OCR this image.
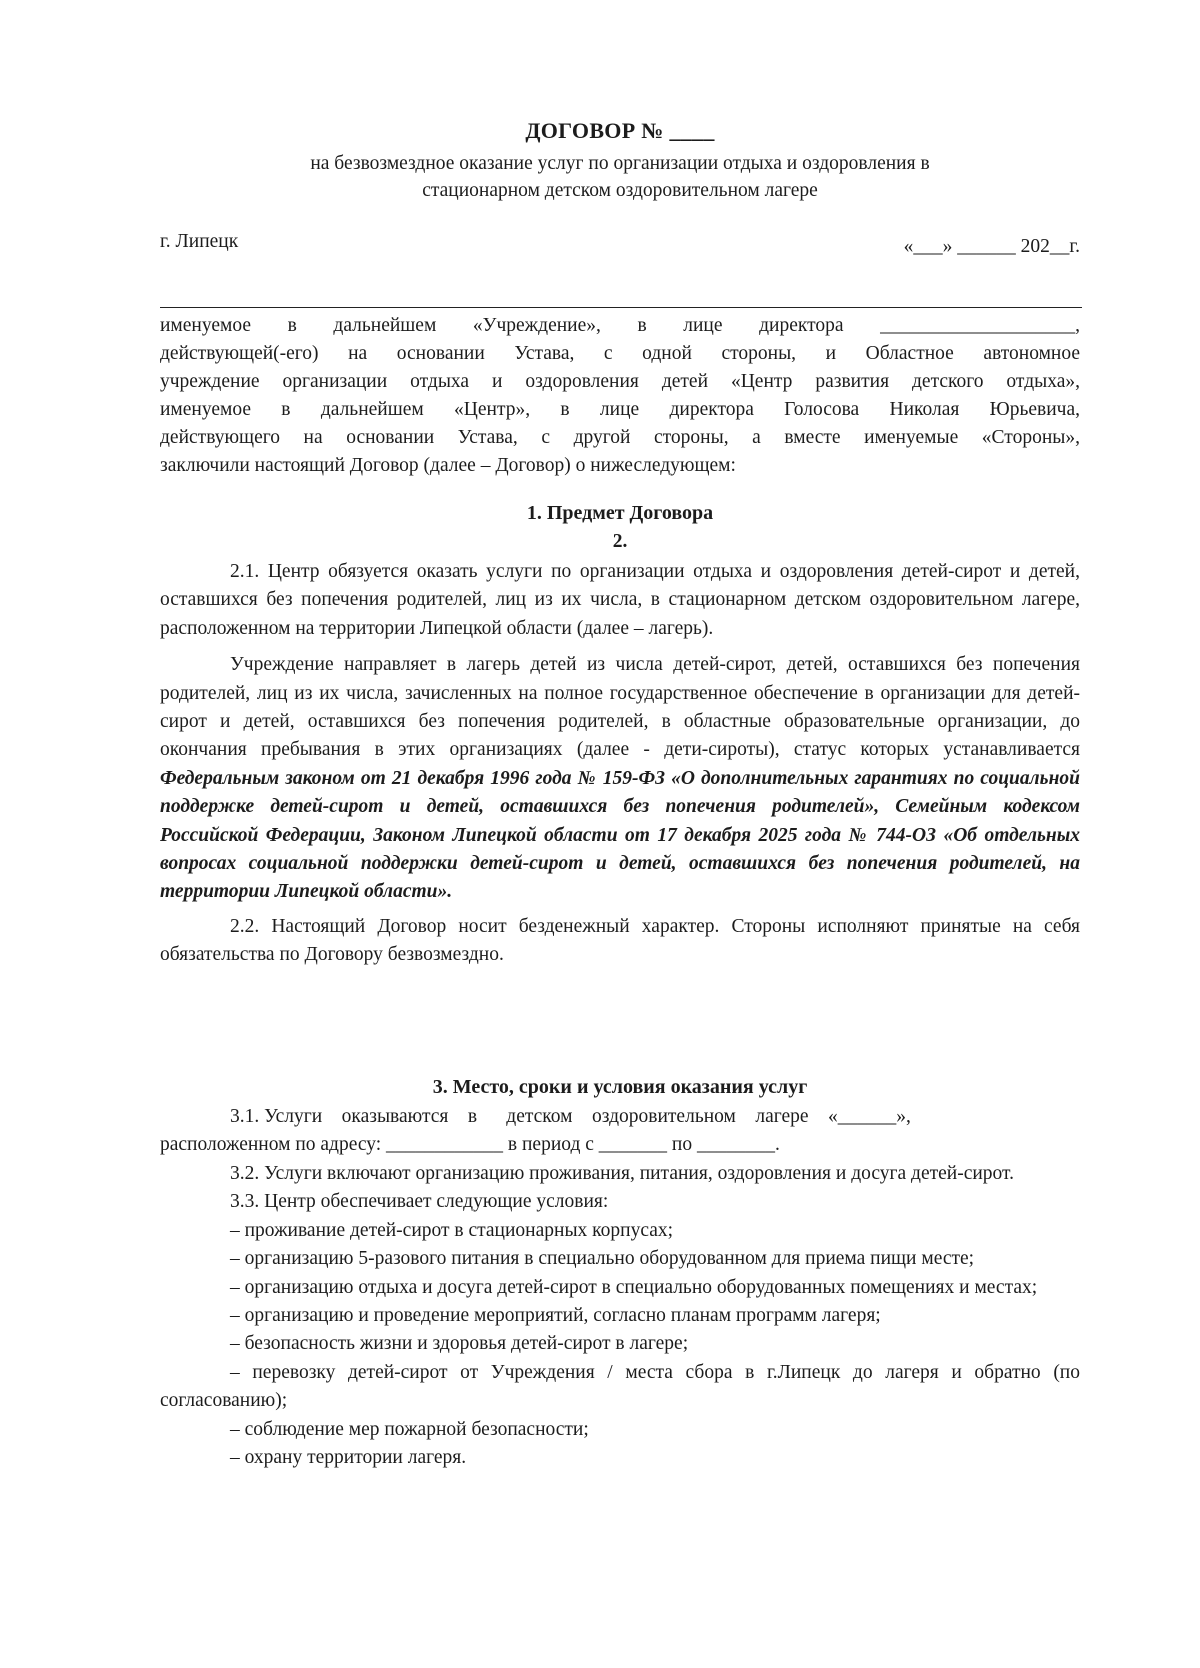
ДОГОВОР № ____
на безвозмездное оказание услуг по организации отдыха и оздоровления в
стационарном детском оздоровительном лагере
г. Липецк	«___» ______ 202__г.
именуемое в дальнейшем «Учреждение», в лице директора ____________________,
действующей(-его) на основании Устава, с одной стороны, и Областное автономное
учреждение организации отдыха и оздоровления детей «Центр развития детского отдыха»,
именуемое в дальнейшем «Центр», в лице директора Голосова Николая Юрьевича,
действующего на основании Устава, с другой стороны, а вместе именуемые «Стороны»,
заключили настоящий Договор (далее – Договор) о нижеследующем:
1. Предмет Договора
2.

2.1. Центр обязуется оказать услуги по организации отдыха и оздоровления детей-сирот и детей, оставшихся без попечения родителей, лиц из их числа, в стационарном детском оздоровительном лагере, расположенном на территории Липецкой области (далее – лагерь).

Учреждение направляет в лагерь детей из числа детей-сирот, детей, оставшихся без попечения родителей, лиц из их числа, зачисленных на полное государственное обеспечение в организации для детей-сирот и детей, оставшихся без попечения родителей, в областные образовательные организации, до окончания пребывания в этих организациях (далее - дети-сироты), статус которых устанавливается Федеральным законом от 21 декабря 1996 года № 159-ФЗ «О дополнительных гарантиях по социальной поддержке детей-сирот и детей, оставшихся без попечения родителей», Семейным кодексом Российской Федерации, Законом Липецкой области от 17 декабря 2025 года № 744-ОЗ «Об отдельных вопросах социальной поддержки детей-сирот и детей, оставшихся без попечения родителей, на территории Липецкой области».

2.2. Настоящий Договор носит безденежный характер. Стороны исполняют принятые на себя обязательства по Договору безвозмездно.

3. Место, сроки и условия оказания услуг
3.1. Услуги    оказываются    в      детском    оздоровительном    лагере    «______»,
расположенном по адресу: ____________ в период с _______ по ________.

3.2. Услуги включают организацию проживания, питания, оздоровления и досуга детей-сирот.

3.3. Центр обеспечивает следующие условия:

– проживание детей-сирот в стационарных корпусах;

– организацию 5-разового питания в специально оборудованном для приема пищи месте;

– организацию отдыха и досуга детей-сирот в специально оборудованных помещениях и местах;

– организацию и проведение мероприятий, согласно планам программ лагеря;

– безопасность жизни и здоровья детей-сирот в лагере;

– перевозку детей-сирот от Учреждения / места сбора в г.Липецк до лагеря и обратно (по согласованию);

– соблюдение мер пожарной безопасности;

– охрану территории лагеря.
